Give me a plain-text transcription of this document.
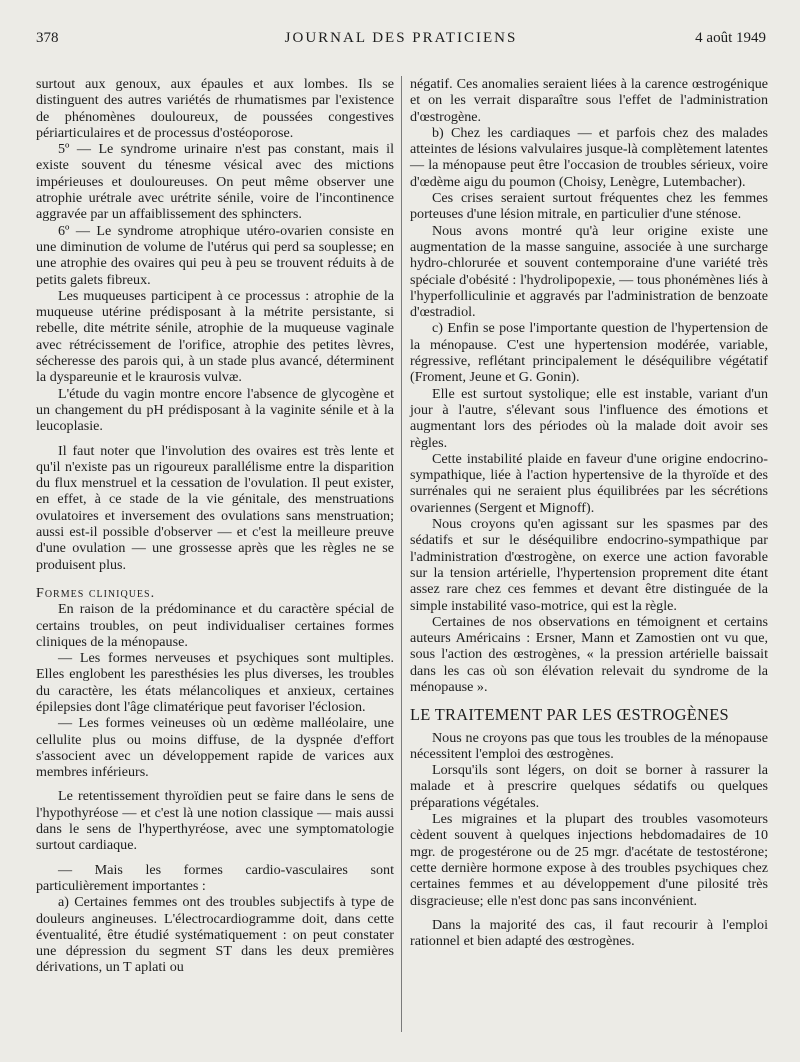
378	JOURNAL DES PRATICIENS	4 août 1949

surtout aux genoux, aux épaules et aux lombes. Ils se distinguent des autres variétés de rhumatismes par l'existence de phénomènes douloureux, de poussées congestives périarticulaires et de processus d'ostéoporose.

5º — Le syndrome urinaire n'est pas constant, mais il existe souvent du ténesme vésical avec des mictions impérieuses et douloureuses. On peut même observer une atrophie urétrale avec urétrite sénile, voire de l'incontinence aggravée par un affaiblissement des sphincters.

6º — Le syndrome atrophique utéro-ovarien consiste en une diminution de volume de l'utérus qui perd sa souplesse; en une atrophie des ovaires qui peu à peu se trouvent réduits à de petits galets fibreux.

Les muqueuses participent à ce processus : atrophie de la muqueuse utérine prédisposant à la métrite persistante, si rebelle, dite métrite sénile, atrophie de la muqueuse vaginale avec rétrécissement de l'orifice, atrophie des petites lèvres, sécheresse des parois qui, à un stade plus avancé, déterminent la dyspareunie et le kraurosis vulvæ.

L'étude du vagin montre encore l'absence de glycogène et un changement du pH prédisposant à la vaginite sénile et à la leucoplasie.

Il faut noter que l'involution des ovaires est très lente et qu'il n'existe pas un rigoureux parallélisme entre la disparition du flux menstruel et la cessation de l'ovulation. Il peut exister, en effet, à ce stade de la vie génitale, des menstruations ovulatoires et inversement des ovulations sans menstruation; aussi est-il possible d'observer — et c'est la meilleure preuve d'une ovulation — une grossesse après que les règles ne se produisent plus.

Formes cliniques.

En raison de la prédominance et du caractère spécial de certains troubles, on peut individualiser certaines formes cliniques de la ménopause.

— Les formes nerveuses et psychiques sont multiples. Elles englobent les paresthésies les plus diverses, les troubles du caractère, les états mélancoliques et anxieux, certaines épilepsies dont l'âge climatérique peut favoriser l'éclosion.

— Les formes veineuses où un œdème malléolaire, une cellulite plus ou moins diffuse, de la dyspnée d'effort s'associent avec un développement rapide de varices aux membres inférieurs.

Le retentissement thyroïdien peut se faire dans le sens de l'hypothyréose — et c'est là une notion classique — mais aussi dans le sens de l'hyperthyréose, avec une symptomatologie surtout cardiaque.

— Mais les formes cardio-vasculaires sont particulièrement importantes :

a) Certaines femmes ont des troubles subjectifs à type de douleurs angineuses. L'électrocardiogramme doit, dans cette éventualité, être étudié systématiquement : on peut constater une dépression du segment ST dans les deux premières dérivations, un T aplati ou

négatif. Ces anomalies seraient liées à la carence œstrogénique et on les verrait disparaître sous l'effet de l'administration d'œstrogène.

b) Chez les cardiaques — et parfois chez des malades atteintes de lésions valvulaires jusque-là complètement latentes — la ménopause peut être l'occasion de troubles sérieux, voire d'œdème aigu du poumon (Choisy, Lenègre, Lutembacher).

Ces crises seraient surtout fréquentes chez les femmes porteuses d'une lésion mitrale, en particulier d'une sténose.

Nous avons montré qu'à leur origine existe une augmentation de la masse sanguine, associée à une surcharge hydro-chlorurée et souvent contemporaine d'une variété très spéciale d'obésité : l'hydrolipopexie, — tous phonémènes liés à l'hyperfolliculinie et aggravés par l'administration de benzoate d'œstradiol.

c) Enfin se pose l'importante question de l'hypertension de la ménopause. C'est une hypertension modérée, variable, régressive, reflétant principalement le déséquilibre végétatif (Froment, Jeune et G. Gonin).

Elle est surtout systolique; elle est instable, variant d'un jour à l'autre, s'élevant sous l'influence des émotions et augmentant lors des périodes où la malade doit avoir ses règles.

Cette instabilité plaide en faveur d'une origine endocrino-sympathique, liée à l'action hypertensive de la thyroïde et des surrénales qui ne seraient plus équilibrées par les sécrétions ovariennes (Sergent et Mignoff).

Nous croyons qu'en agissant sur les spasmes par des sédatifs et sur le déséquilibre endocrino-sympathique par l'administration d'œstrogène, on exerce une action favorable sur la tension artérielle, l'hypertension proprement dite étant assez rare chez ces femmes et devant être distinguée de la simple instabilité vaso-motrice, qui est la règle.

Certaines de nos observations en témoignent et certains auteurs Américains : Ersner, Mann et Zamostien ont vu que, sous l'action des œstrogènes, « la pression artérielle baissait dans les cas où son élévation relevait du syndrome de la ménopause ».

LE TRAITEMENT PAR LES ŒSTROGÈNES

Nous ne croyons pas que tous les troubles de la ménopause nécessitent l'emploi des œstrogènes.

Lorsqu'ils sont légers, on doit se borner à rassurer la malade et à prescrire quelques sédatifs ou quelques préparations végétales.

Les migraines et la plupart des troubles vasomoteurs cèdent souvent à quelques injections hebdomadaires de 10 mgr. de progestérone ou de 25 mgr. d'acétate de testostérone; cette dernière hormone expose à des troubles psychiques chez certaines femmes et au développement d'une pilosité très disgracieuse; elle n'est donc pas sans inconvénient.

Dans la majorité des cas, il faut recourir à l'emploi rationnel et bien adapté des œstrogènes.
